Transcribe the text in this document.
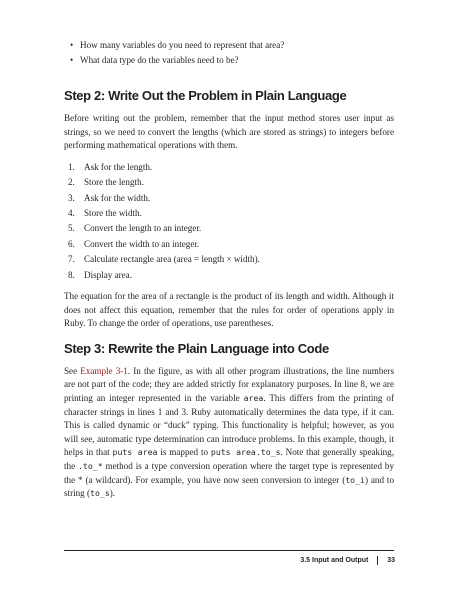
• How many variables do you need to represent that area?
• What data type do the variables need to be?
Step 2: Write Out the Problem in Plain Language

Before writing out the problem, remember that the input method stores user input as strings, so we need to convert the lengths (which are stored as strings) to integers before performing mathematical operations with them.

1. Ask for the length.
2. Store the length.
3. Ask for the width.
4. Store the width.
5. Convert the length to an integer.
6. Convert the width to an integer.
7. Calculate rectangle area (area = length × width).
8. Display area.

The equation for the area of a rectangle is the product of its length and width. Although it does not affect this equation, remember that the rules for order of operations apply in Ruby. To change the order of operations, use parentheses.

Step 3: Rewrite the Plain Language into Code

See Example 3-1. In the figure, as with all other program illustrations, the line numbers are not part of the code; they are added strictly for explanatory purposes. In line 8, we are printing an integer represented in the variable area. This differs from the printing of character strings in lines 1 and 3. Ruby automatically determines the data type, if it can. This is called dynamic or “duck” typing. This functionality is helpful; however, as you will see, automatic type determination can introduce problems. In this example, though, it helps in that puts area is mapped to puts area.to_s. Note that generally speaking, the .to_* method is a type conversion operation where the target type is represented by the * (a wildcard). For example, you have now seen conversion to integer (to_i) and to string (to_s).

3.5 Input and Output	33
